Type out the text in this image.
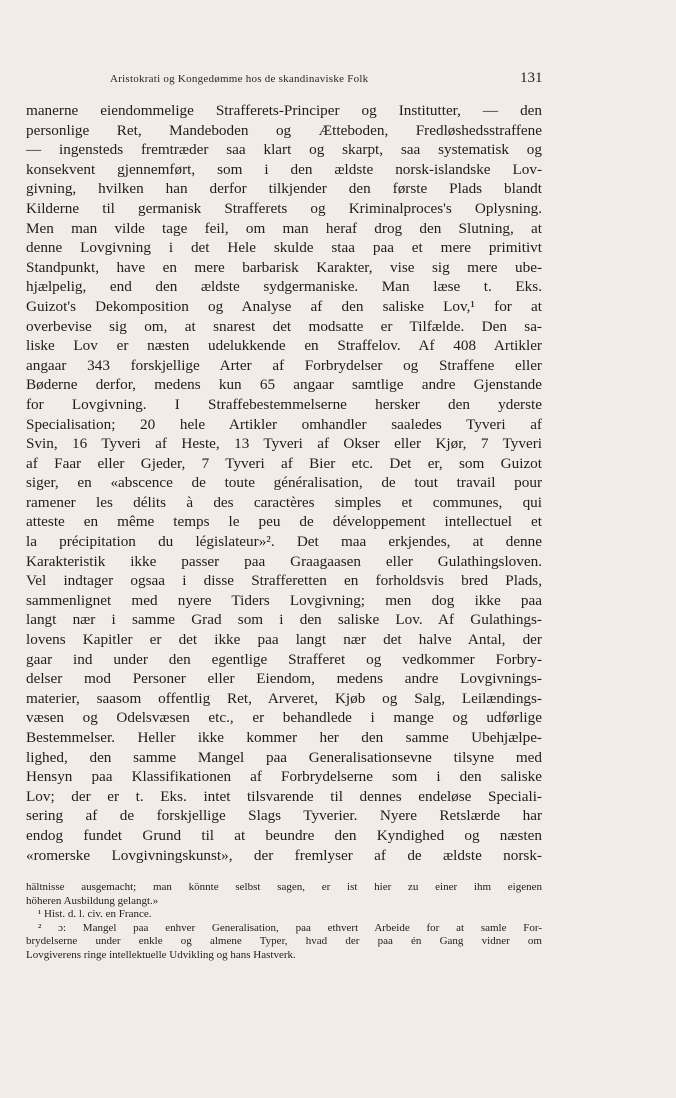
Aristokrati og Kongedømme hos de skandinaviske Folk	131
manerne eiendommelige Strafferets-Principer og Institutter, — den
personlige Ret, Mandeboden og Ætteboden, Fredløshedsstraffene
— ingensteds fremtræder saa klart og skarpt, saa systematisk og
konsekvent gjennemført, som i den ældste norsk-islandske Lov-
givning, hvilken han derfor tilkjender den første Plads blandt
Kilderne til germanisk Strafferets og Kriminalproces's Oplysning.
Men man vilde tage feil, om man heraf drog den Slutning, at
denne Lovgivning i det Hele skulde staa paa et mere primitivt
Standpunkt, have en mere barbarisk Karakter, vise sig mere ube-
hjælpelig, end den ældste sydgermaniske. Man læse t. Eks.
Guizot's Dekomposition og Analyse af den saliske Lov,¹ for at
overbevise sig om, at snarest det modsatte er Tilfælde. Den sa-
liske Lov er næsten udelukkende en Straffelov. Af 408 Artikler
angaar 343 forskjellige Arter af Forbrydelser og Straffene eller
Bøderne derfor, medens kun 65 angaar samtlige andre Gjenstande
for Lovgivning. I Straffebestemmelserne hersker den yderste
Specialisation; 20 hele Artikler omhandler saaledes Tyveri af
Svin, 16 Tyveri af Heste, 13 Tyveri af Okser eller Kjør, 7 Tyveri
af Faar eller Gjeder, 7 Tyveri af Bier etc. Det er, som Guizot
siger, en «abscence de toute généralisation, de tout travail pour
ramener les délits à des caractères simples et communes, qui
atteste en même temps le peu de développement intellectuel et
la précipitation du législateur»². Det maa erkjendes, at denne
Karakteristik ikke passer paa Graagaasen eller Gulathingsloven.
Vel indtager ogsaa i disse Strafferetten en forholdsvis bred Plads,
sammenlignet med nyere Tiders Lovgivning; men dog ikke paa
langt nær i samme Grad som i den saliske Lov. Af Gulathings-
lovens Kapitler er det ikke paa langt nær det halve Antal, der
gaar ind under den egentlige Strafferet og vedkommer Forbry-
delser mod Personer eller Eiendom, medens andre Lovgivnings-
materier, saasom offentlig Ret, Arveret, Kjøb og Salg, Leilændings-
væsen og Odelsvæsen etc., er behandlede i mange og udførlige
Bestemmelser. Heller ikke kommer her den samme Ubehjælpe-
lighed, den samme Mangel paa Generalisationsevne tilsyne med
Hensyn paa Klassifikationen af Forbrydelserne som i den saliske
Lov; der er t. Eks. intet tilsvarende til dennes endeløse Speciali-
sering af de forskjellige Slags Tyverier. Nyere Retslærde har
endog fundet Grund til at beundre den Kyndighed og næsten
«romerske Lovgivningskunst», der fremlyser af de ældste norsk-
hältnisse ausgemacht; man könnte selbst sagen, er ist hier zu einer ihm eigenen
höheren Ausbildung gelangt.»
¹ Hist. d. l. civ. en France.
² ɔ: Mangel paa enhver Generalisation, paa ethvert Arbeide for at samle For-
brydelserne under enkle og almene Typer, hvad der paa én Gang vidner om
Lovgiverens ringe intellektuelle Udvikling og hans Hastverk.
